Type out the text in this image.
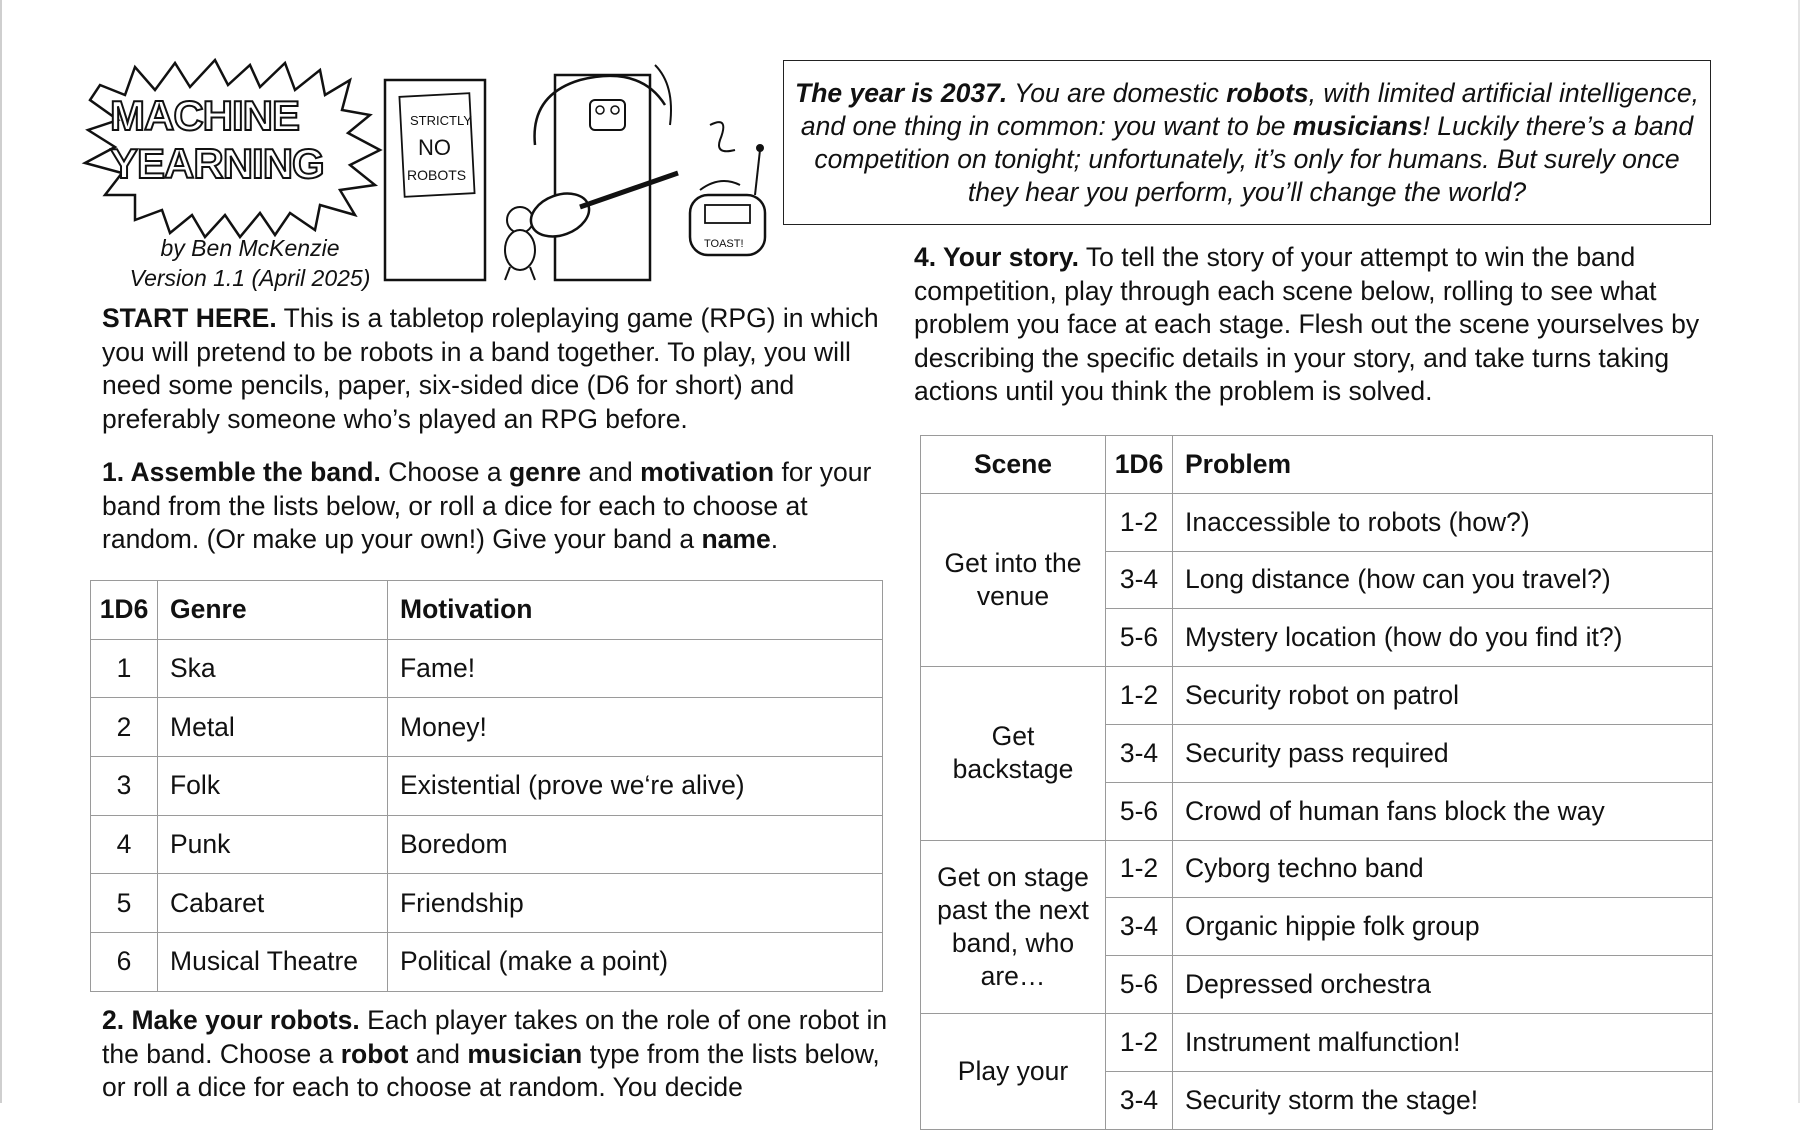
MACHINE
YEARNING
STRICTLY
NO
ROBOTS
TOAST!
by Ben McKenzie
Version 1.1 (April 2025)
The year is 2037. You are domestic robots, with limited artificial intelligence, and one thing in common: you want to be musicians! Luckily there’s a band competition on tonight; unfortunately, it’s only for humans. But surely once they hear you perform, you’ll change the world?
START HERE. This is a tabletop roleplaying game (RPG) in which you will pretend to be robots in a band together. To play, you will need some pencils, paper, six-sided dice (D6 for short) and preferably someone who’s played an RPG before.
1. Assemble the band. Choose a genre and motivation for your band from the lists below, or roll a dice for each to choose at random. (Or make up your own!) Give your band a name.
1D6	Genre	Motivation
1	Ska	Fame!
2	Metal	Money!
3	Folk	Existential (prove we‘re alive)
4	Punk	Boredom
5	Cabaret	Friendship
6	Musical Theatre	Political (make a point)
2. Make your robots. Each player takes on the role of one robot in the band. Choose a robot and musician type from the lists below, or roll a dice for each to choose at random. You decide
4. Your story. To tell the story of your attempt to win the band competition, play through each scene below, rolling to see what problem you face at each stage. Flesh out the scene yourselves by describing the specific details in your story, and take turns taking actions until you think the problem is solved.
Scene	1D6	Problem
Get into the venue	1-2	Inaccessible to robots (how?)
	3-4	Long distance (how can you travel?)
	5-6	Mystery location (how do you find it?)
Get backstage	1-2	Security robot on patrol
	3-4	Security pass required
	5-6	Crowd of human fans block the way
Get on stage past the next band, who are…	1-2	Cyborg techno band
	3-4	Organic hippie folk group
	5-6	Depressed orchestra
Play your	1-2	Instrument malfunction!
	3-4	Security storm the stage!
